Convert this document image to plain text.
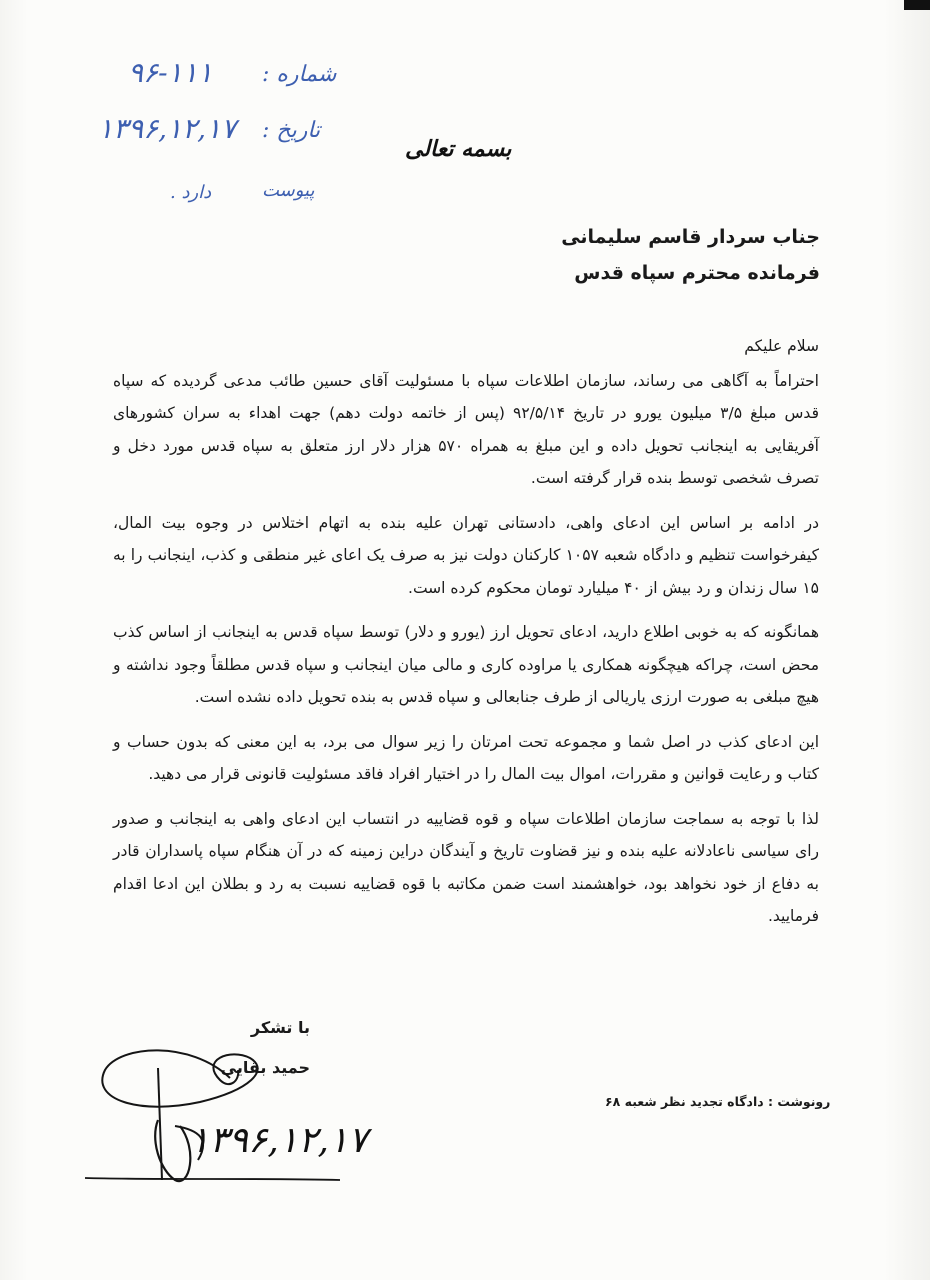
شماره :
۹۶-۱۱۱
تاریخ :
۱۳۹۶,۱۲,۱۷
پیوست
دارد .
بسمه تعالی
جناب سردار قاسم سلیمانی
فرمانده محترم سپاه قدس

سلام علیکم

احتراماً به آگاهی می رساند، سازمان اطلاعات سپاه با مسئولیت آقای حسین طائب مدعی گردیده که سپاه قدس مبلغ ۳/۵ میلیون یورو در تاریخ ۹۲/۵/۱۴ (پس از خاتمه دولت دهم) جهت اهداء به سران کشورهای آفریقایی به اینجانب تحویل داده و این مبلغ به همراه ۵۷۰ هزار دلار ارز متعلق به سپاه قدس مورد دخل و تصرف شخصی توسط بنده قرار گرفته است.

در ادامه بر اساس این ادعای واهی، دادستانی تهران علیه بنده به اتهام اختلاس در وجوه بیت المال، کیفرخواست تنظیم و دادگاه شعبه ۱۰۵۷ کارکنان دولت نیز به صرف یک اعای غیر منطقی و کذب، اینجانب را به ۱۵ سال زندان و رد بیش از ۴۰ میلیارد تومان محکوم کرده است.

همانگونه که به خوبی اطلاع دارید، ادعای تحویل ارز (یورو و دلار) توسط سپاه قدس به اینجانب از اساس کذب محض است، چراکه هیچگونه همکاری یا مراوده کاری و مالی میان اینجانب و سپاه قدس مطلقاً وجود نداشته و هیچ مبلغی به صورت ارزی یاریالی از طرف جنابعالی و سپاه قدس به بنده تحویل داده نشده است.

این ادعای کذب در اصل شما و مجموعه تحت امرتان را زیر سوال می برد، به این معنی که بدون حساب و کتاب و رعایت قوانین و مقررات، اموال بیت المال را در اختیار افراد فاقد مسئولیت قانونی قرار می دهید.

لذا با توجه به سماجت سازمان اطلاعات سپاه و قوه قضاییه در انتساب این ادعای واهی به اینجانب و صدور رای سیاسی ناعادلانه علیه بنده و نیز قضاوت تاریخ و آیندگان دراین زمینه که در آن هنگام سپاه پاسداران قادر به دفاع از خود نخواهد بود، خواهشمند است ضمن مکاتبه با قوه قضاییه نسبت به رد و بطلان این ادعا اقدام فرمایید.

با تشکر
حمید بقایی
رونوشت : دادگاه تجدید نظر شعبه ۶۸
۱۳۹۶,۱۲,۱۷
